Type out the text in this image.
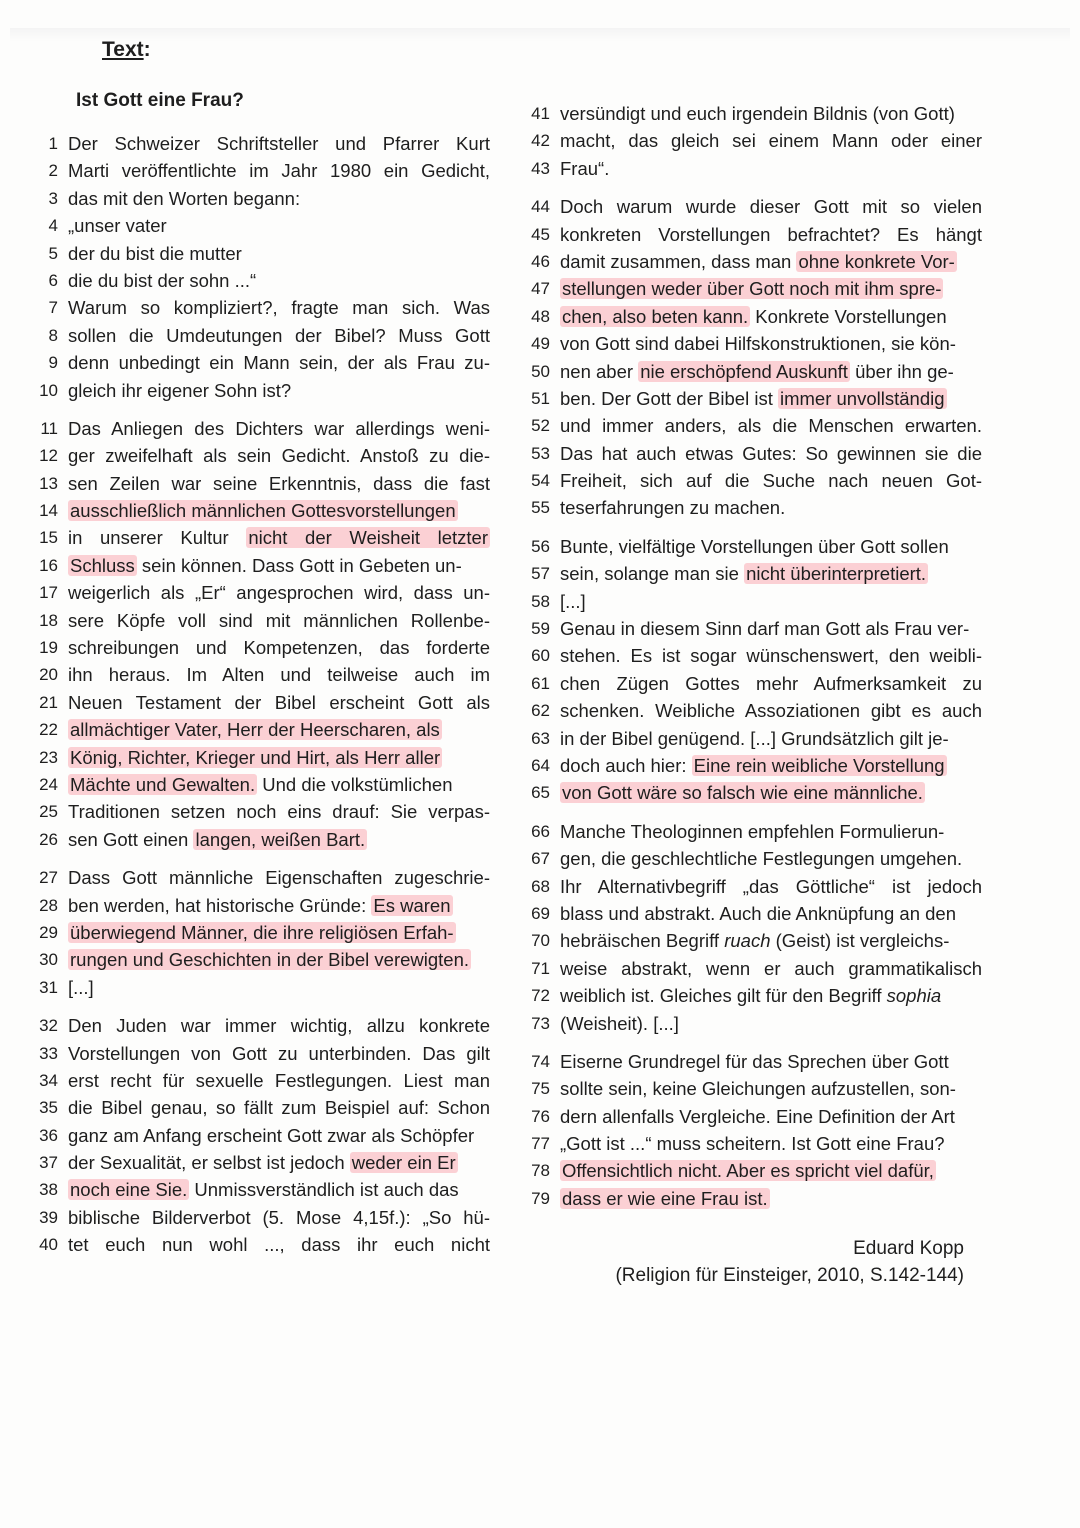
Text:
Ist Gott eine Frau?
1 Der Schweizer Schriftsteller und Pfarrer Kurt
2 Marti veröffentlichte im Jahr 1980 ein Gedicht,
3 das mit den Worten begann:
4 „unser vater
5 der du bist die mutter
6 die du bist der sohn ...“
7 Warum so kompliziert?, fragte man sich. Was
8 sollen die Umdeutungen der Bibel? Muss Gott
9 denn unbedingt ein Mann sein, der als Frau zu-
10 gleich ihr eigener Sohn ist?
11 Das Anliegen des Dichters war allerdings weni-
12 ger zweifelhaft als sein Gedicht. Anstoß zu die-
13 sen Zeilen war seine Erkenntnis, dass die fast
14 ausschließlich männlichen Gottesvorstellungen
15 in unserer Kultur nicht der Weisheit letzter
16 Schluss sein können. Dass Gott in Gebeten un-
17 weigerlich als „Er“ angesprochen wird, dass un-
18 sere Köpfe voll sind mit männlichen Rollenbe-
19 schreibungen und Kompetenzen, das forderte
20 ihn heraus. Im Alten und teilweise auch im
21 Neuen Testament der Bibel erscheint Gott als
22 allmächtiger Vater, Herr der Heerscharen, als
23 König, Richter, Krieger und Hirt, als Herr aller
24 Mächte und Gewalten. Und die volkstümlichen
25 Traditionen setzen noch eins drauf: Sie verpas-
26 sen Gott einen langen, weißen Bart.
27 Dass Gott männliche Eigenschaften zugeschrie-
28 ben werden, hat historische Gründe: Es waren
29 überwiegend Männer, die ihre religiösen Erfah-
30 rungen und Geschichten in der Bibel verewigten.
31 [...]
32 Den Juden war immer wichtig, allzu konkrete
33 Vorstellungen von Gott zu unterbinden. Das gilt
34 erst recht für sexuelle Festlegungen. Liest man
35 die Bibel genau, so fällt zum Beispiel auf: Schon
36 ganz am Anfang erscheint Gott zwar als Schöpfer
37 der Sexualität, er selbst ist jedoch weder ein Er
38 noch eine Sie. Unmissverständlich ist auch das
39 biblische Bilderverbot (5. Mose 4,15f.): „So hü-
40 tet euch nun wohl ..., dass ihr euch nicht
41 versündigt und euch irgendein Bildnis (von Gott)
42 macht, das gleich sei einem Mann oder einer
43 Frau“.
44 Doch warum wurde dieser Gott mit so vielen
45 konkreten Vorstellungen befrachtet? Es hängt
46 damit zusammen, dass man ohne konkrete Vor-
47 stellungen weder über Gott noch mit ihm spre-
48 chen, also beten kann. Konkrete Vorstellungen
49 von Gott sind dabei Hilfskonstruktionen, sie kön-
50 nen aber nie erschöpfend Auskunft über ihn ge-
51 ben. Der Gott der Bibel ist immer unvollständig
52 und immer anders, als die Menschen erwarten.
53 Das hat auch etwas Gutes: So gewinnen sie die
54 Freiheit, sich auf die Suche nach neuen Got-
55 teserfahrungen zu machen.
56 Bunte, vielfältige Vorstellungen über Gott sollen
57 sein, solange man sie nicht überinterpretiert.
58 [...]
59 Genau in diesem Sinn darf man Gott als Frau ver-
60 stehen. Es ist sogar wünschenswert, den weibli-
61 chen Zügen Gottes mehr Aufmerksamkeit zu
62 schenken. Weibliche Assoziationen gibt es auch
63 in der Bibel genügend. [...] Grundsätzlich gilt je-
64 doch auch hier: Eine rein weibliche Vorstellung
65 von Gott wäre so falsch wie eine männliche.
66 Manche Theologinnen empfehlen Formulierun-
67 gen, die geschlechtliche Festlegungen umgehen.
68 Ihr Alternativbegriff „das Göttliche“ ist jedoch
69 blass und abstrakt. Auch die Anknüpfung an den
70 hebräischen Begriff ruach (Geist) ist vergleichs-
71 weise abstrakt, wenn er auch grammatikalisch
72 weiblich ist. Gleiches gilt für den Begriff sophia
73 (Weisheit). [...]
74 Eiserne Grundregel für das Sprechen über Gott
75 sollte sein, keine Gleichungen aufzustellen, son-
76 dern allenfalls Vergleiche. Eine Definition der Art
77 „Gott ist ...“ muss scheitern. Ist Gott eine Frau?
78 Offensichtlich nicht. Aber es spricht viel dafür,
79 dass er wie eine Frau ist.
Eduard Kopp
(Religion für Einsteiger, 2010, S.142-144)
